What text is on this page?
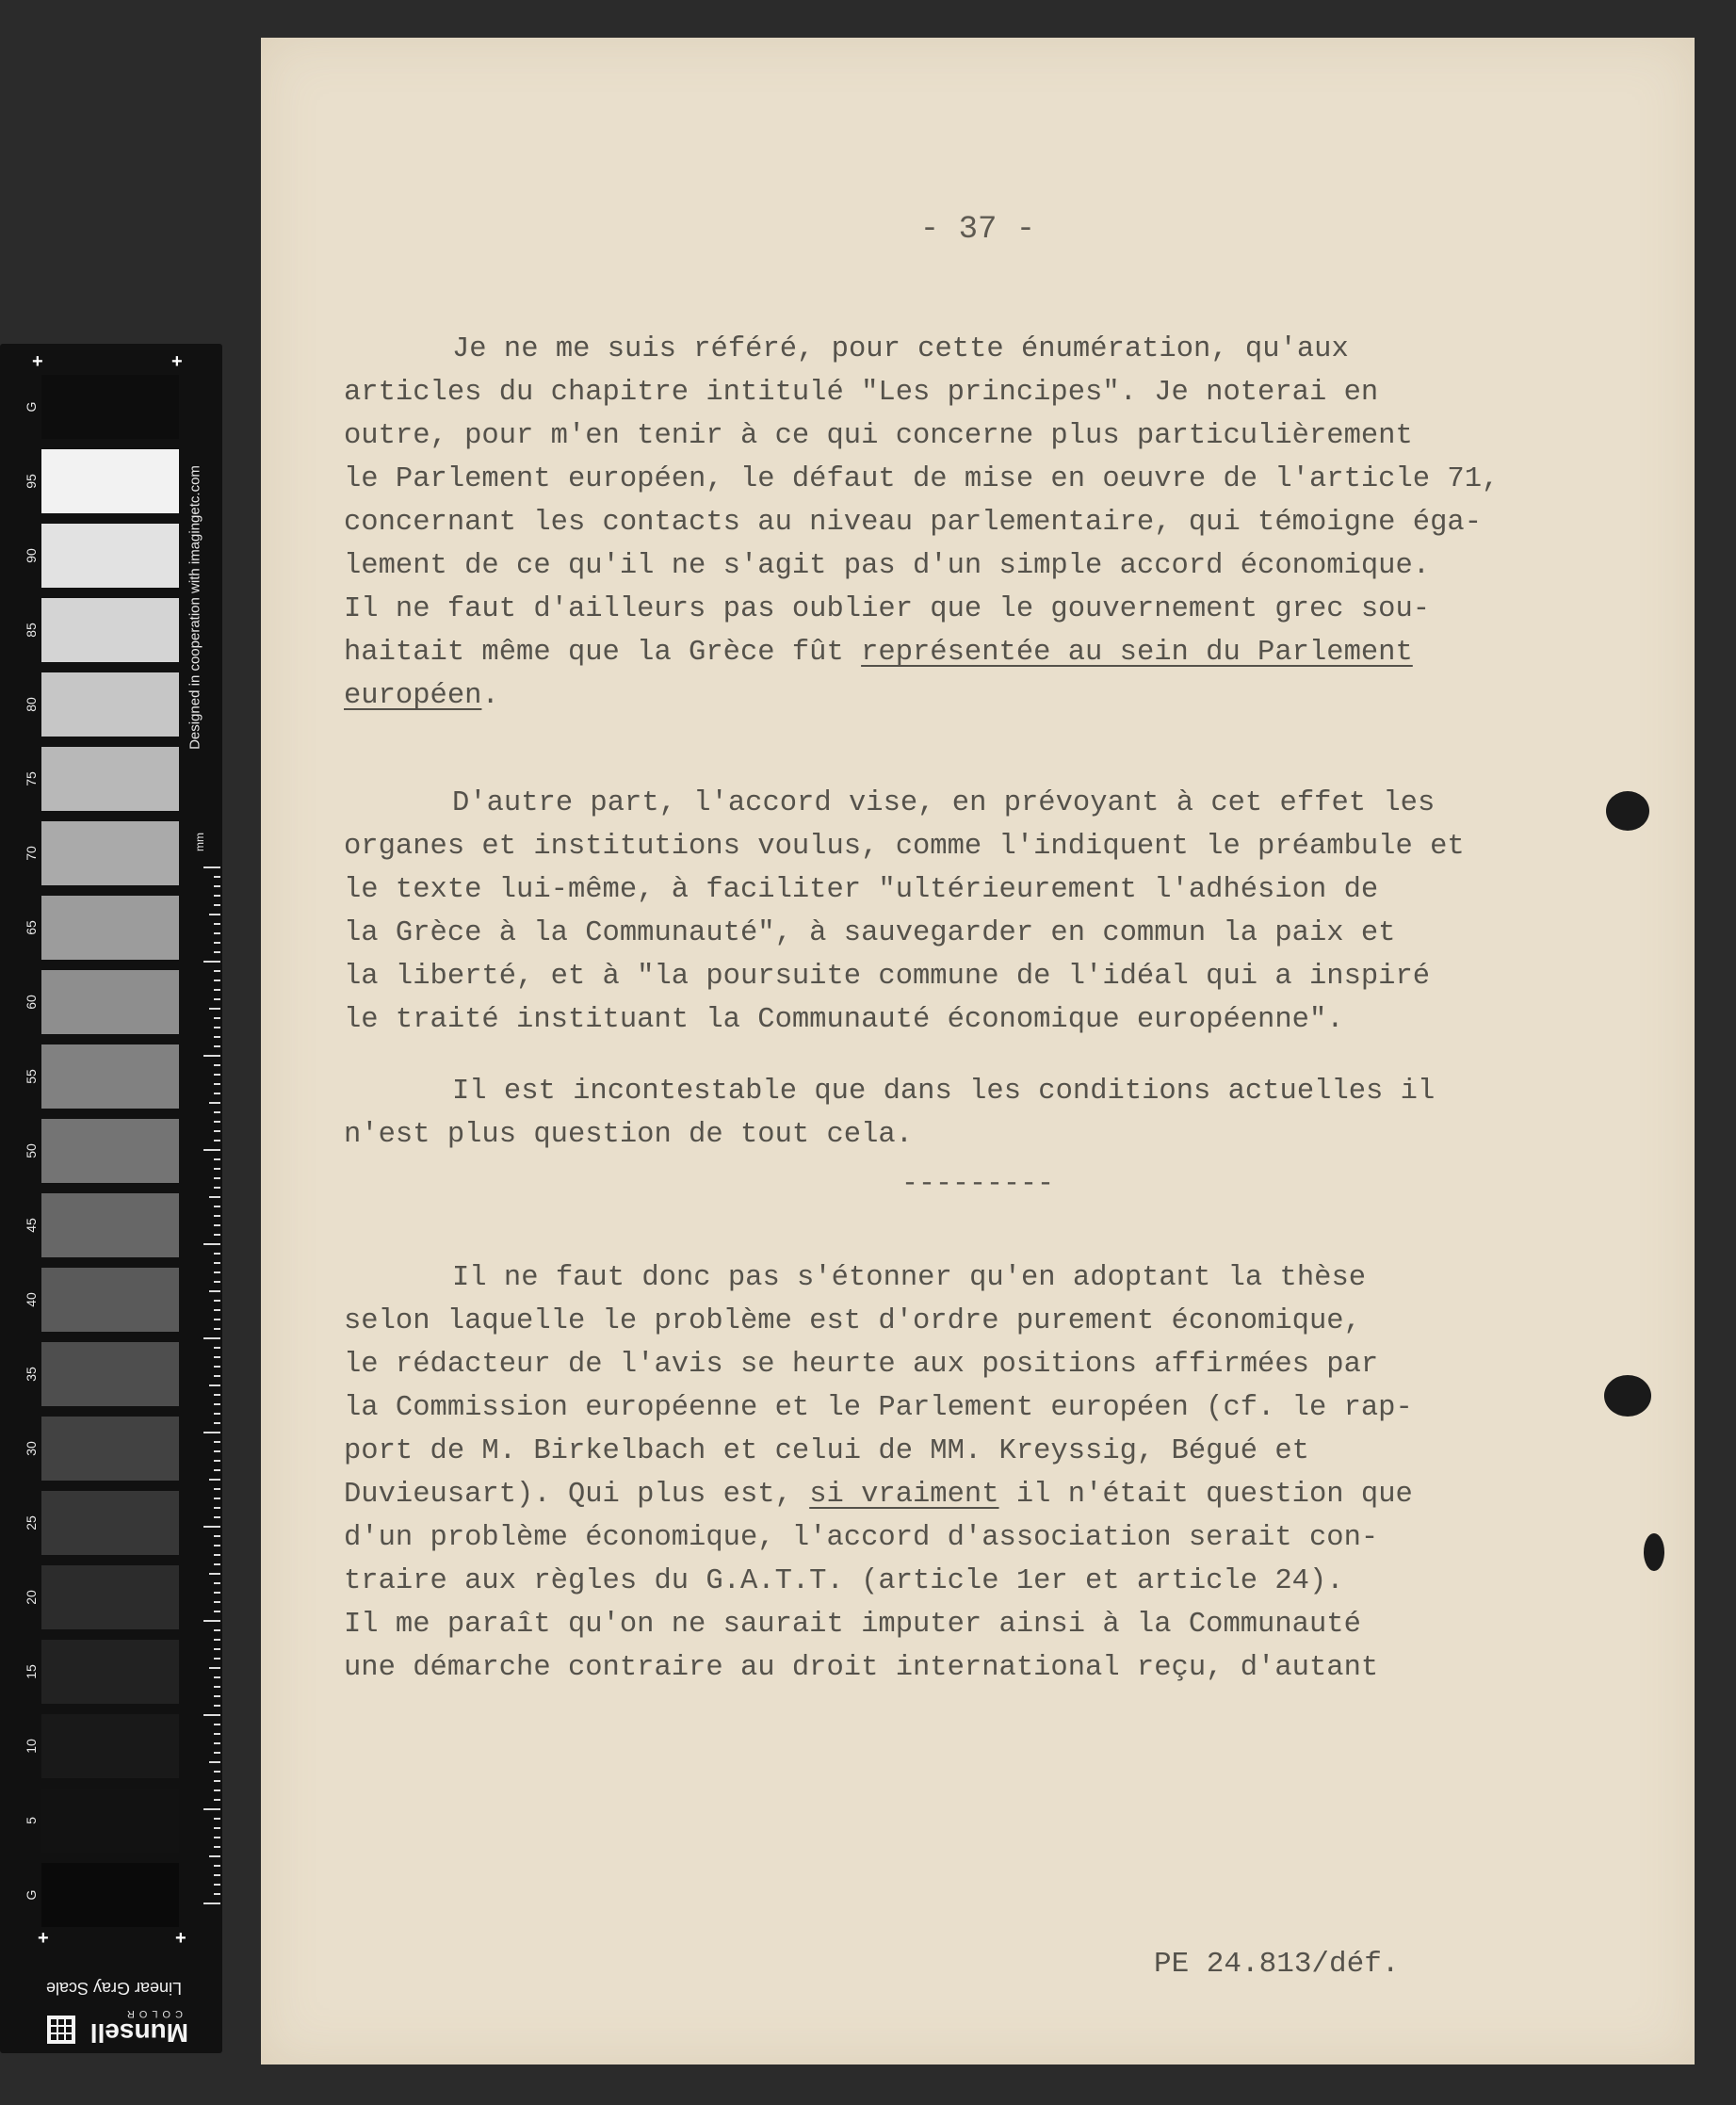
Designed in cooperation with imagingetc.com
mm
Linear Gray Scale
Munsell
COLOR
+	+
+	+
G
95
90
85
80
75
70
65
60
55
50
45
40
35
30
25
20
15
10
5
G
- 37 -
Je ne me suis référé, pour cette énumération, qu'aux
articles du chapitre intitulé "Les principes". Je noterai en
outre, pour m'en tenir à ce qui concerne plus particulièrement
le Parlement européen, le défaut de mise en oeuvre de l'article 71,
concernant les contacts au niveau parlementaire, qui témoigne éga-
lement de ce qu'il ne s'agit pas d'un simple accord économique.
Il ne faut d'ailleurs pas oublier que le gouvernement grec sou-
haitait même que la Grèce fût représentée au sein du Parlement
européen.
D'autre part, l'accord vise, en prévoyant à cet effet les
organes et institutions voulus, comme l'indiquent le préambule et
le texte lui-même, à faciliter "ultérieurement l'adhésion de
la Grèce à la Communauté", à sauvegarder en commun la paix et
la liberté, et à "la poursuite commune de l'idéal qui a inspiré
le traité instituant la Communauté économique européenne".
Il est incontestable que dans les conditions actuelles il
n'est plus question de tout cela.
---------
Il ne faut donc pas s'étonner qu'en adoptant la thèse
selon laquelle le problème est d'ordre purement économique,
le rédacteur de l'avis se heurte aux positions affirmées par
la Commission européenne et le Parlement européen (cf. le rap-
port de M. Birkelbach et celui de MM. Kreyssig, Bégué et
Duvieusart). Qui plus est, si vraiment il n'était question que
d'un problème économique, l'accord d'association serait con-
traire aux règles du G.A.T.T. (article 1er et article 24).
Il me paraît qu'on ne saurait imputer ainsi à la Communauté
une démarche contraire au droit international reçu, d'autant
PE 24.813/déf.
